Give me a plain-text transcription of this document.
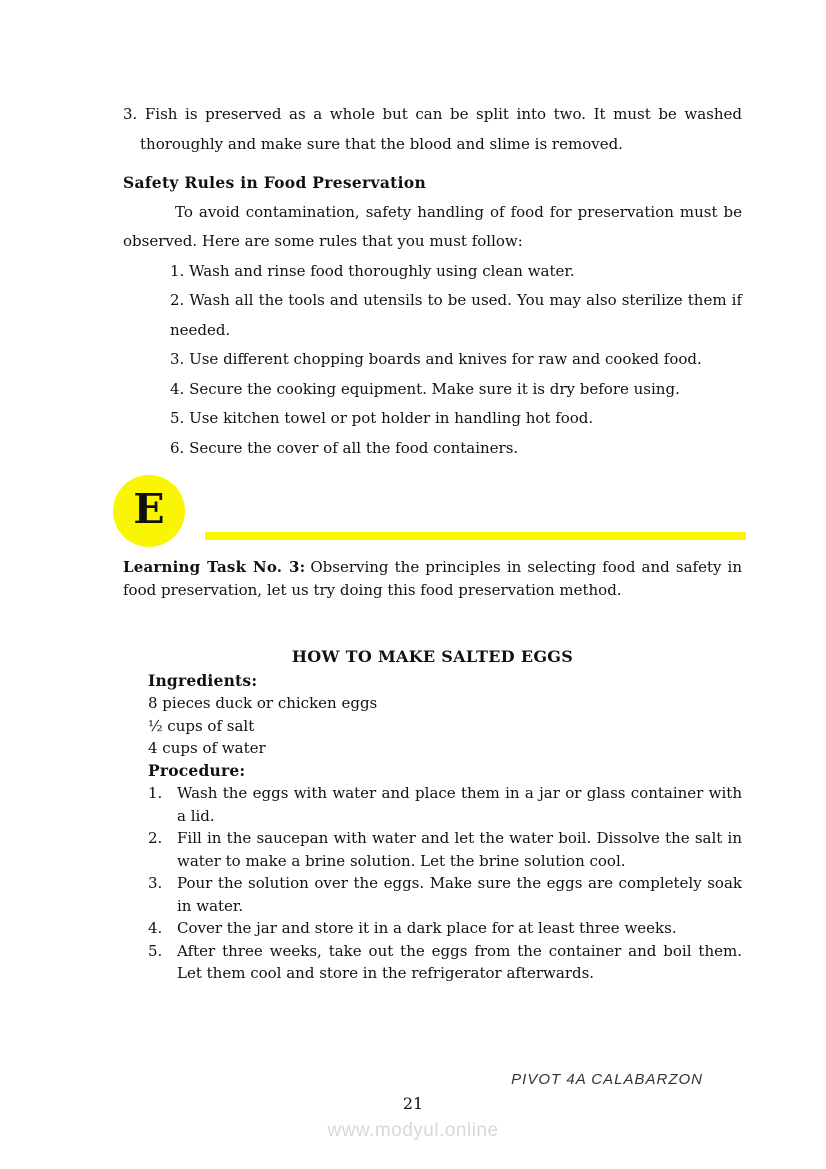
3. Fish is preserved as a whole but can be split into two. It must be washed thoroughly and make sure that the blood and slime is removed.

Safety Rules in Food Preservation

To avoid contamination, safety handling of food for preservation must be observed. Here are some rules that you must follow:

1. Wash and rinse food thoroughly using clean water.

2. Wash all the tools and utensils to be used. You may also sterilize them if needed.

3. Use different chopping boards and knives for raw and cooked food.

4. Secure the cooking equipment. Make sure it is dry before using.

5. Use kitchen towel or pot holder in handling hot food.

6. Secure the cover of all the food containers.

E

Learning Task No. 3: Observing the principles in selecting food and safety in food preservation, let us try doing this food preservation method.

HOW TO MAKE SALTED EGGS

Ingredients:

8 pieces duck or chicken eggs

½ cups of salt

4 cups of water

Procedure:

1. Wash the eggs with water and place them in a jar or glass container with a lid.
2. Fill in the saucepan with water and let the water boil. Dissolve the salt in water to make a brine solution. Let the brine solution cool.
3. Pour the solution over the eggs. Make sure the eggs are completely soak in water.
4. Cover the jar and store it in a dark place for at least three weeks.
5. After three weeks, take out the eggs from the container and boil them. Let them cool and store in the refrigerator afterwards.
PIVOT 4A CALABARZON
21
www.modyul.online
